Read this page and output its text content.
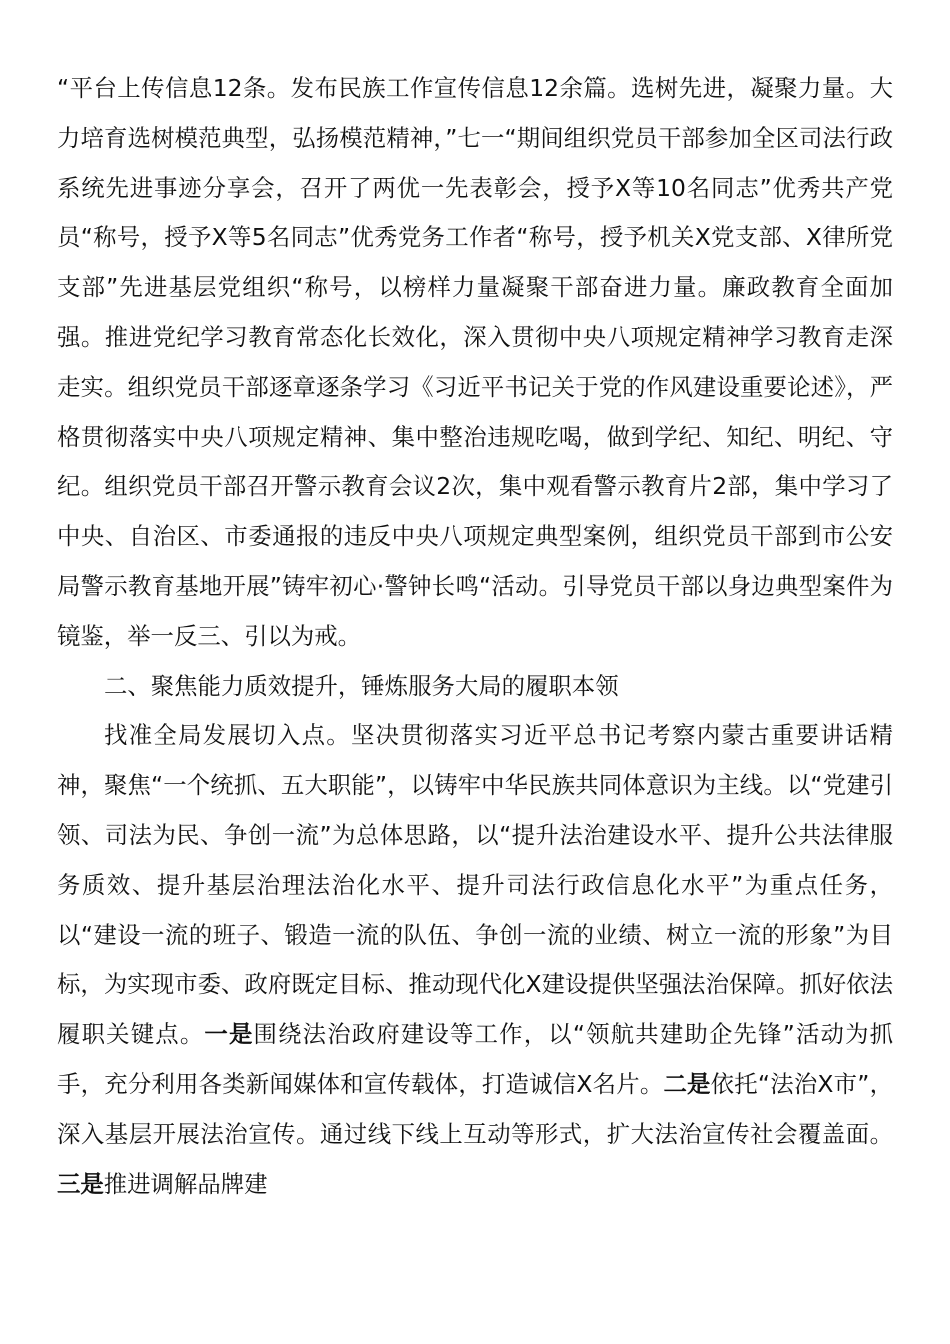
“平台上传信息12条。发布民族工作宣传信息12余篇。选树先进，凝聚力量。大力培育选树模范典型，弘扬模范精神，”七一“期间组织党员干部参加全区司法行政系统先进事迹分享会，召开了两优一先表彰会，授予X等10名同志”优秀共产党员“称号，授予X等5名同志”优秀党务工作者“称号，授予机关X党支部、X律所党支部”先进基层党组织“称号，以榜样力量凝聚干部奋进力量。廉政教育全面加强。推进党纪学习教育常态化长效化，深入贯彻中央八项规定精神学习教育走深走实。组织党员干部逐章逐条学习《习近平书记关于党的作风建设重要论述》，严格贯彻落实中央八项规定精神、集中整治违规吃喝，做到学纪、知纪、明纪、守纪。组织党员干部召开警示教育会议2次，集中观看警示教育片2部，集中学习了中央、自治区、市委通报的违反中央八项规定典型案例，组织党员干部到市公安局警示教育基地开展”铸牢初心·警钟长鸣“活动。引导党员干部以身边典型案件为镜鉴，举一反三、引以为戒。

二、聚焦能力质效提升，锤炼服务大局的履职本领

找准全局发展切入点。坚决贯彻落实习近平总书记考察内蒙古重要讲话精神，聚焦“一个统抓、五大职能”，以铸牢中华民族共同体意识为主线。以“党建引领、司法为民、争创一流”为总体思路，以“提升法治建设水平、提升公共法律服务质效、提升基层治理法治化水平、提升司法行政信息化水平”为重点任务，以“建设一流的班子、锻造一流的队伍、争创一流的业绩、树立一流的形象”为目标，为实现市委、政府既定目标、推动现代化X建设提供坚强法治保障。抓好依法履职关键点。一是围绕法治政府建设等工作，以“领航共建助企先锋”活动为抓手，充分利用各类新闻媒体和宣传载体，打造诚信X名片。二是依托“法治X市”，深入基层开展法治宣传。通过线下线上互动等形式，扩大法治宣传社会覆盖面。三是推进调解品牌建
